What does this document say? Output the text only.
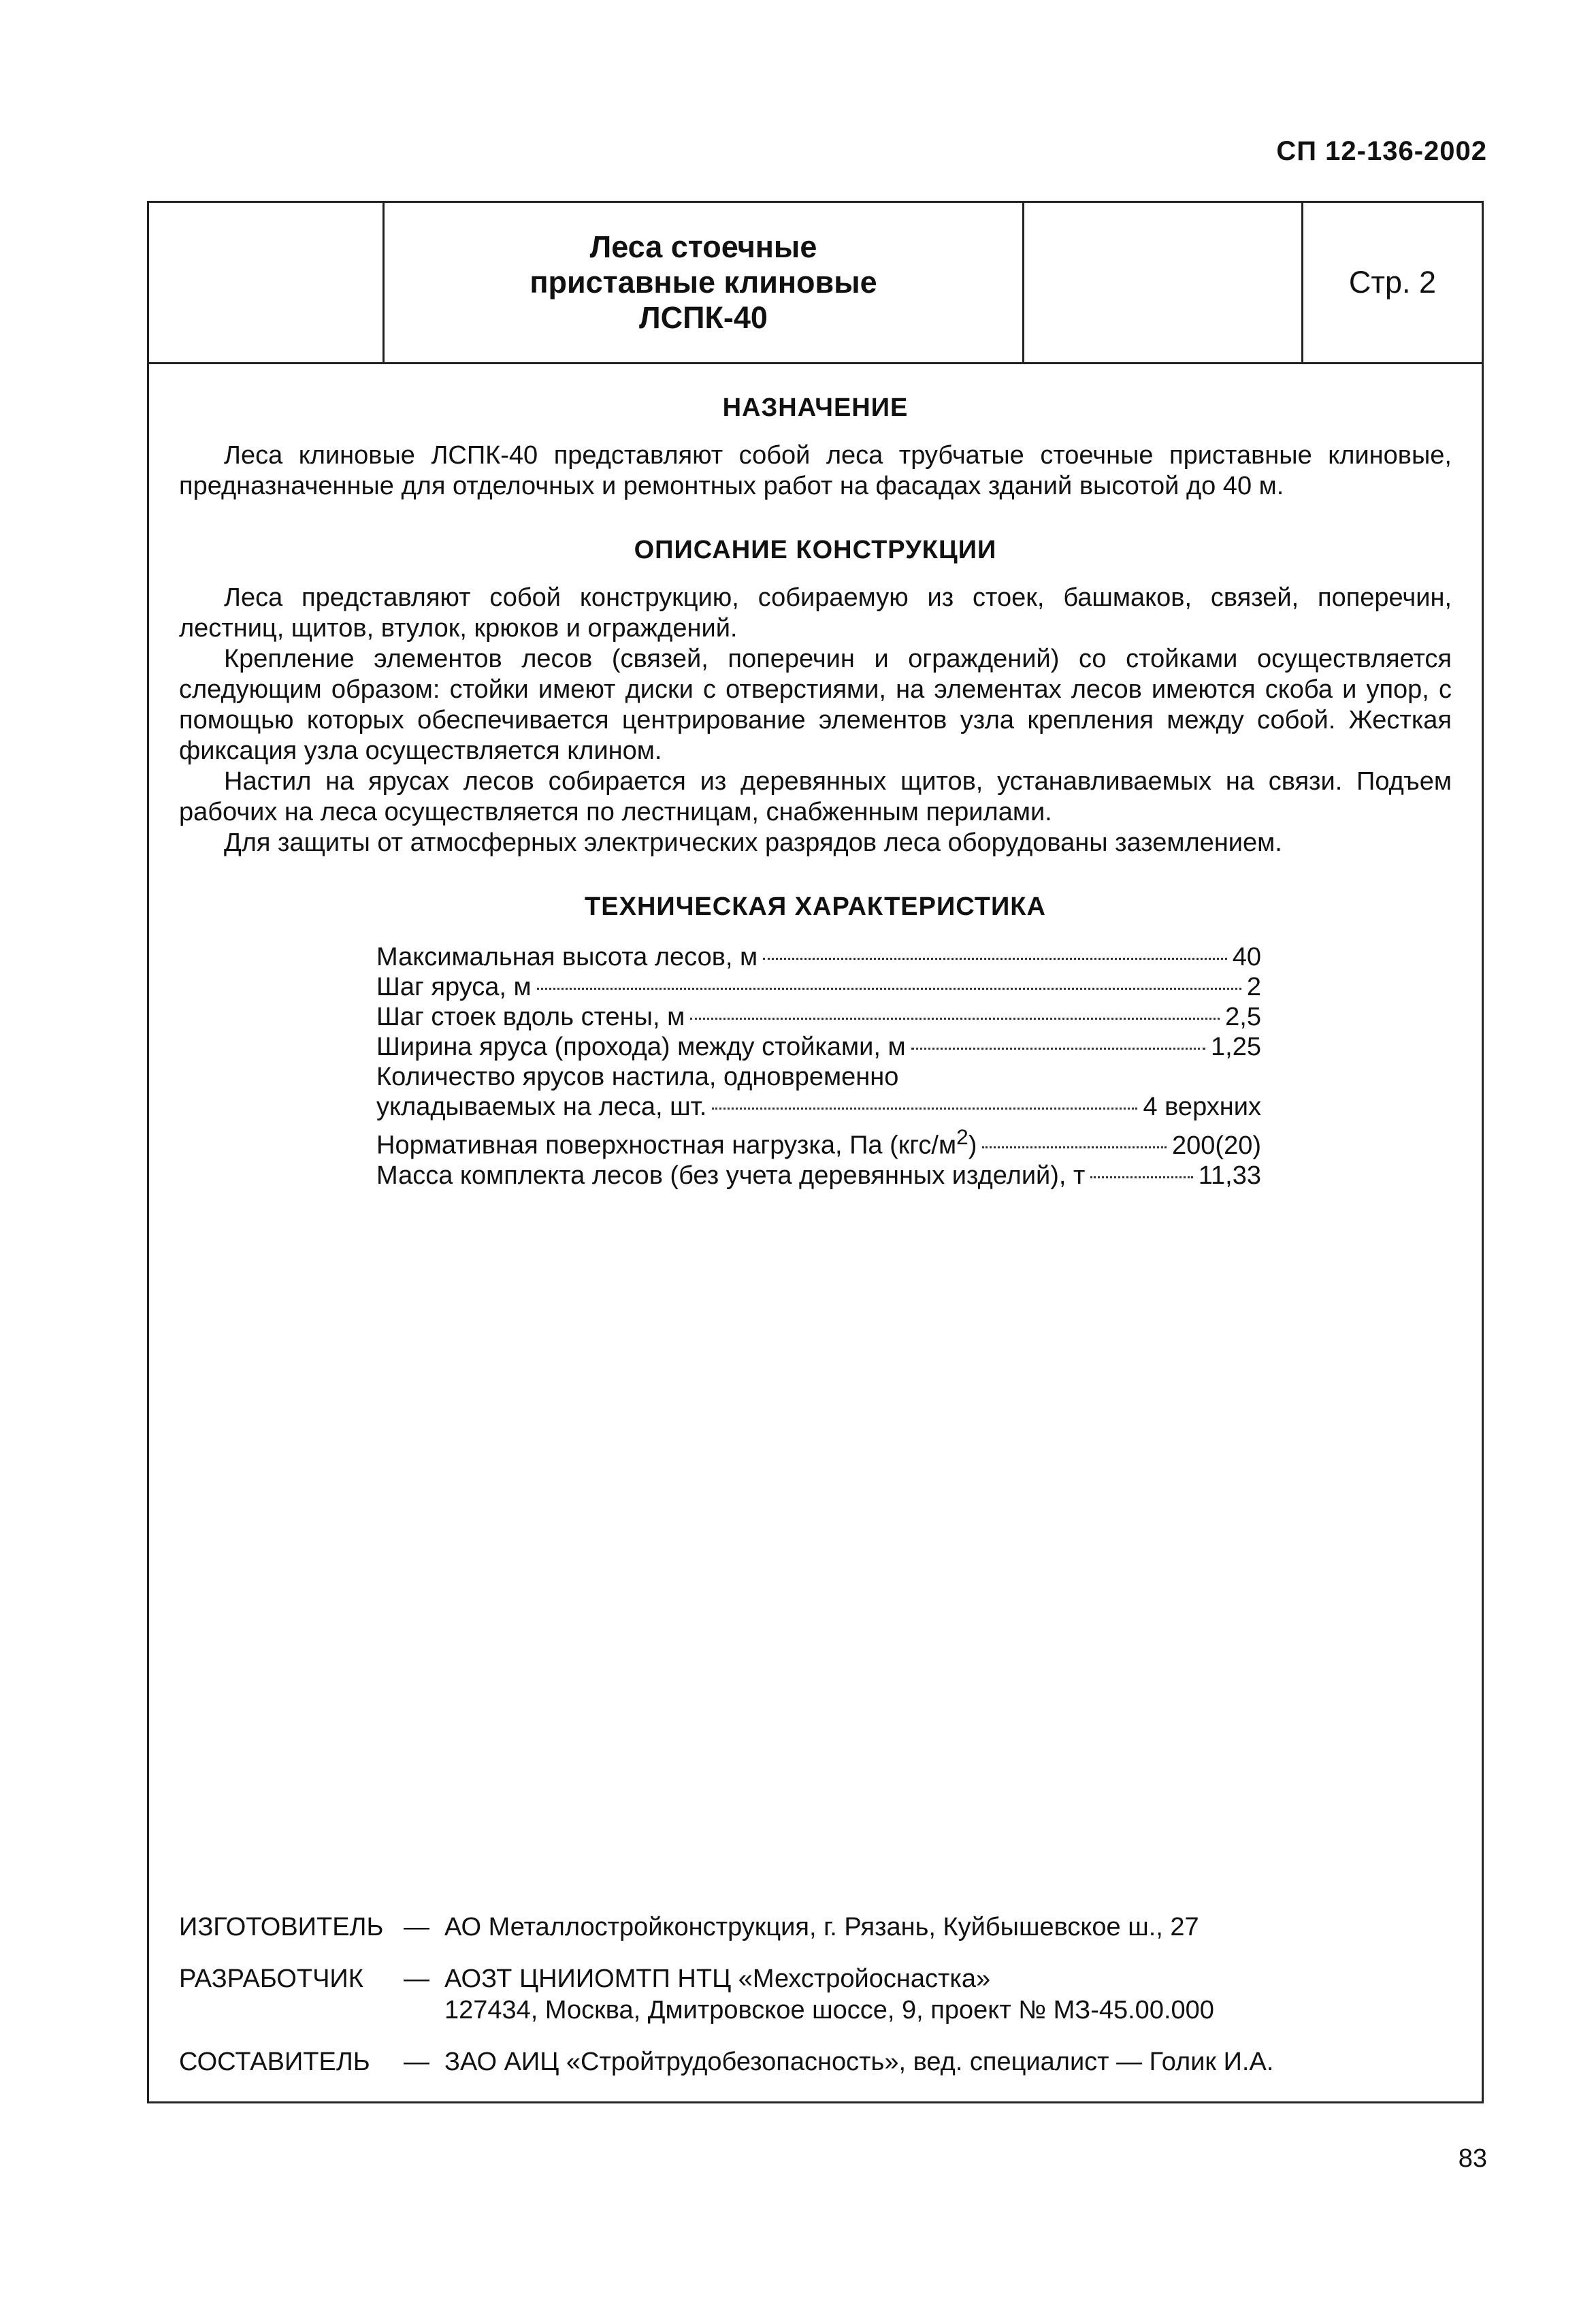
СП 12-136-2002
Леса стоечные
приставные клиновые
ЛСПК-40
Стр. 2
НАЗНАЧЕНИЕ

Леса клиновые ЛСПК-40 представляют собой леса трубчатые стоечные приставные клиновые, предназначенные для отделочных и ремонтных работ на фасадах зданий высотой до 40 м.

ОПИСАНИЕ КОНСТРУКЦИИ

Леса представляют собой конструкцию, собираемую из стоек, башмаков, связей, поперечин, лестниц, щитов, втулок, крюков и ограждений.

Крепление элементов лесов (связей, поперечин и ограждений) со стойками осуществляется следующим образом: стойки имеют диски с отверстиями, на элементах лесов имеются скоба и упор, с помощью которых обеспечивается центрирование элементов узла крепления между собой. Жесткая фиксация узла осуществляется клином.

Настил на ярусах лесов собирается из деревянных щитов, устанавливаемых на связи. Подъем рабочих на леса осуществляется по лестницам, снабженным перилами.

Для защиты от атмосферных электрических разрядов леса оборудованы заземлением.

ТЕХНИЧЕСКАЯ ХАРАКТЕРИСТИКА
Максимальная высота лесов, м	40
Шаг яруса, м	2
Шаг стоек вдоль стены, м	2,5
Ширина яруса (прохода) между стойками, м	1,25
Количество ярусов настила, одновременно
укладываемых на леса, шт.	4 верхних
Нормативная поверхностная нагрузка, Па $(кгс/м^2)$	200(20)
Масса комплекта лесов (без учета деревянных изделий), т	11,33
ИЗГОТОВИТЕЛЬ — АО Металлостройконструкция, г. Рязань, Куйбышевское ш., 27
РАЗРАБОТЧИК	— АОЗТ ЦНИИОМТП НТЦ «Мехстройоснастка»
127434, Москва, Дмитровское шоссе, 9, проект № МЗ-45.00.000
СОСТАВИТЕЛЬ	— ЗАО АИЦ «Стройтрудобезопасность», вед. специалист — Голик И.А.
83
